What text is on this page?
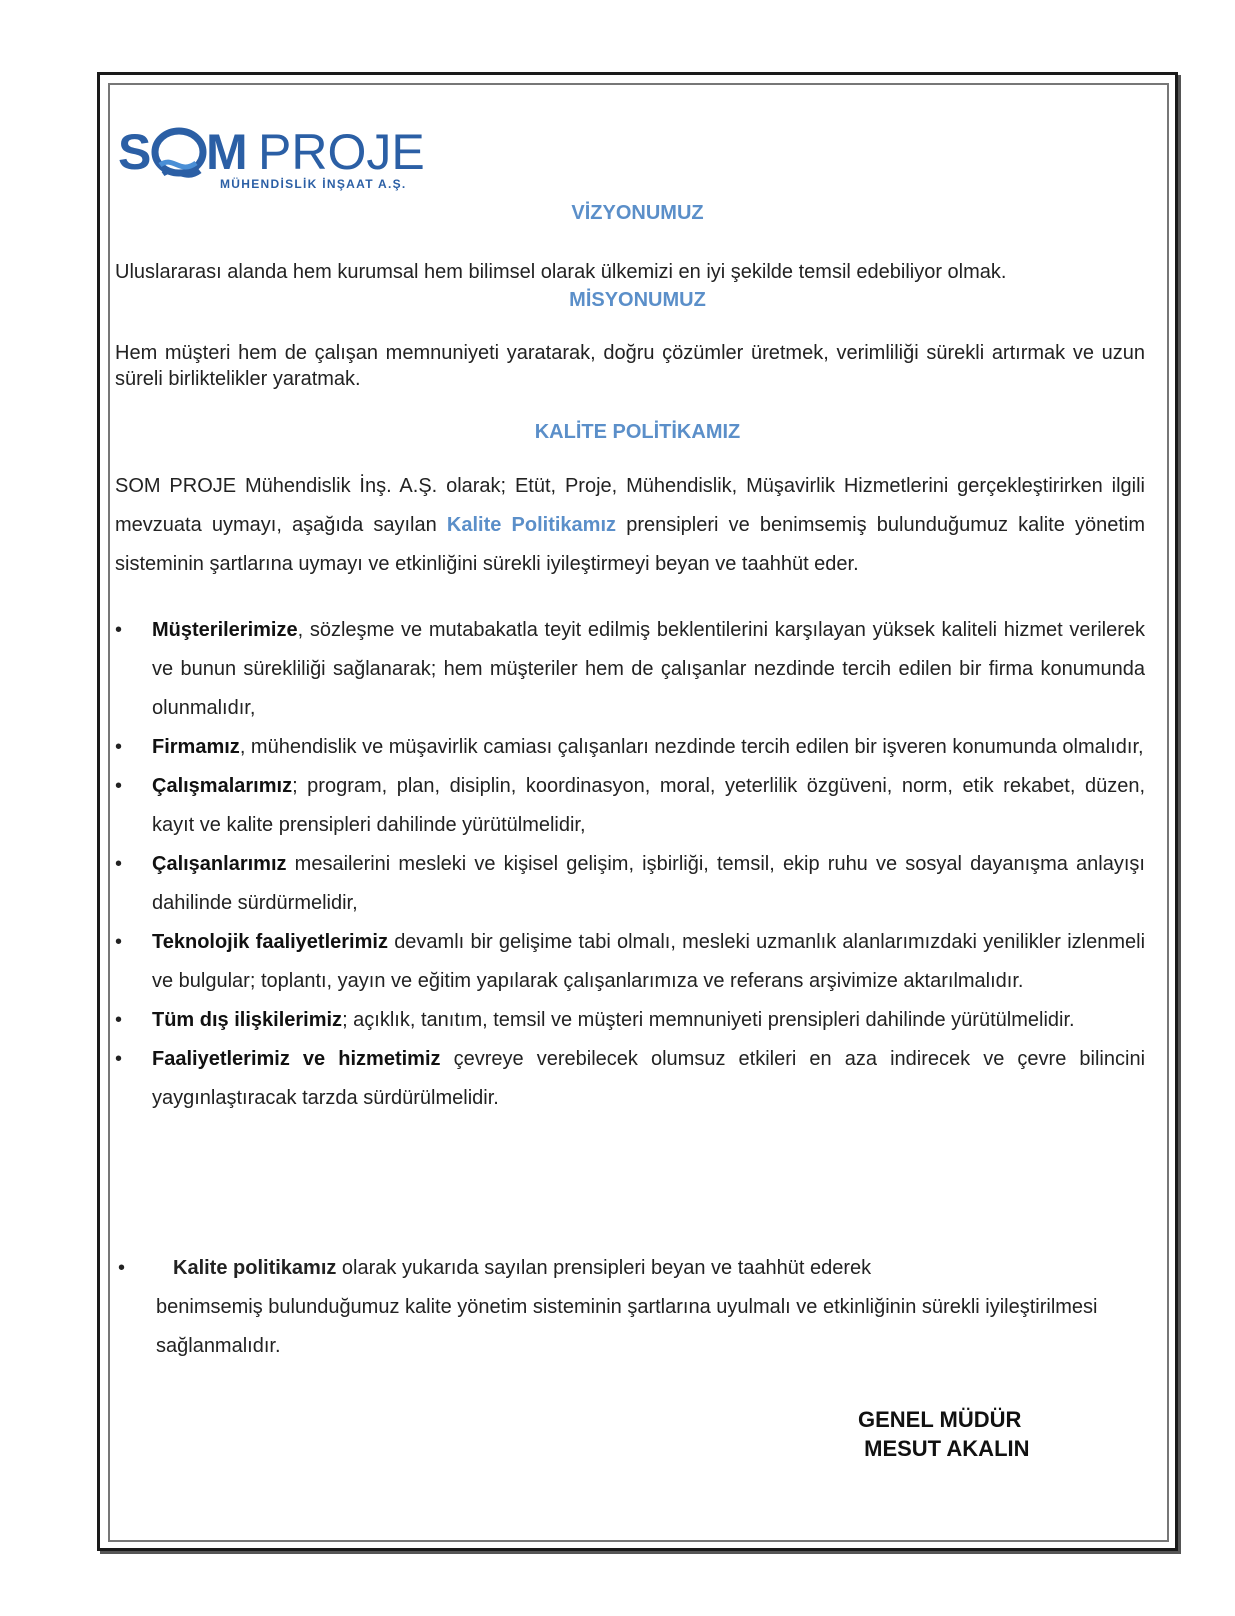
S M PROJE
MÜHENDİSLİK İNŞAAT A.Ş.
VİZYONUMUZ

Uluslararası alanda hem kurumsal hem bilimsel olarak ülkemizi en iyi şekilde temsil edebiliyor olmak.

MİSYONUMUZ

Hem müşteri hem de çalışan memnuniyeti yaratarak, doğru çözümler üretmek, verimliliği sürekli artırmak ve uzun süreli birliktelikler yaratmak.

KALİTE POLİTİKAMIZ

SOM PROJE Mühendislik İnş. A.Ş. olarak; Etüt, Proje, Mühendislik, Müşavirlik Hizmetlerini gerçekleştirirken ilgili mevzuata uymayı, aşağıda sayılan Kalite Politikamız prensipleri ve benimsemiş bulunduğumuz kalite yönetim sisteminin şartlarına uymayı ve etkinliğini sürekli iyileştirmeyi beyan ve taahhüt eder.

• Müşterilerimize, sözleşme ve mutabakatla teyit edilmiş beklentilerini karşılayan yüksek kaliteli hizmet verilerek ve bunun sürekliliği sağlanarak; hem müşteriler hem de çalışanlar nezdinde tercih edilen bir firma konumunda olunmalıdır,
• Firmamız, mühendislik ve müşavirlik camiası çalışanları nezdinde tercih edilen bir işveren konumunda olmalıdır,
• Çalışmalarımız; program, plan, disiplin, koordinasyon, moral, yeterlilik özgüveni, norm, etik rekabet, düzen, kayıt ve kalite prensipleri dahilinde yürütülmelidir,
• Çalışanlarımız mesailerini mesleki ve kişisel gelişim, işbirliği, temsil, ekip ruhu ve sosyal dayanışma anlayışı dahilinde sürdürmelidir,
• Teknolojik faaliyetlerimiz devamlı bir gelişime tabi olmalı, mesleki uzmanlık alanlarımızdaki yenilikler izlenmeli ve bulgular; toplantı, yayın ve eğitim yapılarak çalışanlarımıza ve referans arşivimize aktarılmalıdır.
• Tüm dış ilişkilerimiz; açıklık, tanıtım, temsil ve müşteri memnuniyeti prensipleri dahilinde yürütülmelidir.
• Faaliyetlerimiz ve hizmetimiz çevreye verebilecek olumsuz etkileri en aza indirecek ve çevre bilincini yaygınlaştıracak tarzda sürdürülmelidir.

• Kalite politikamız olarak yukarıda sayılan prensipleri beyan ve taahhüt ederek
benimsemiş bulunduğumuz kalite yönetim sisteminin şartlarına uyulmalı ve etkinliğinin sürekli iyileştirilmesi sağlanmalıdır.

GENEL MÜDÜR
MESUT AKALIN
